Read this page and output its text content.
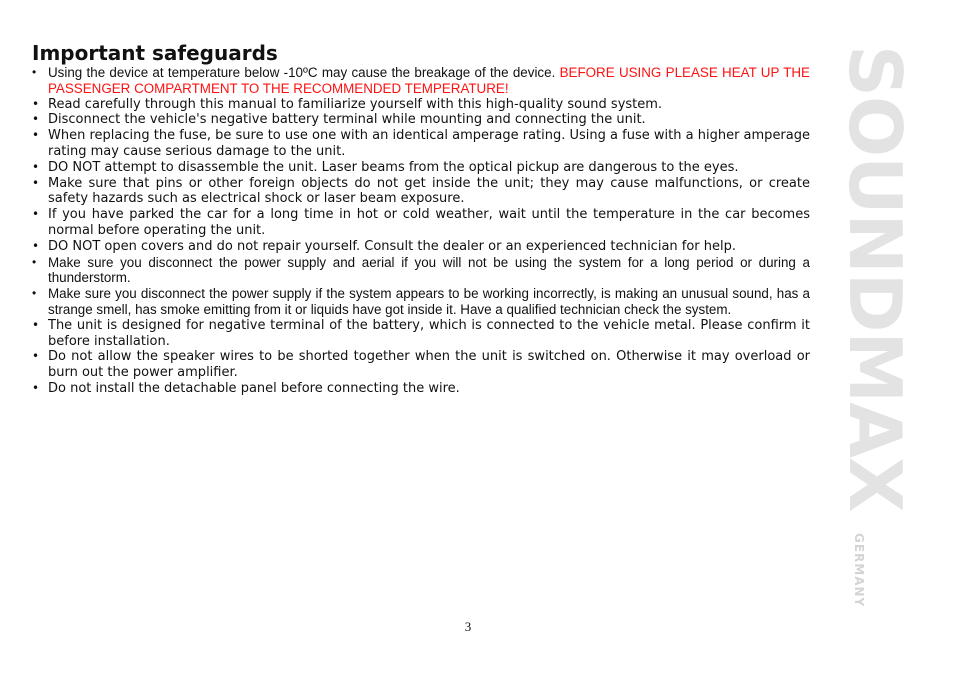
Important safeguards
• Using the device at temperature below -10ºC may cause the breakage of the device. BEFORE USING PLEASE HEAT UP THE PASSENGER COMPARTMENT TO THE RECOMMENDED TEMPERATURE!
• Read carefully through this manual to familiarize yourself with this high-quality sound system.
• Disconnect the vehicle's negative battery terminal while mounting and connecting the unit.
• When replacing the fuse, be sure to use one with an identical amperage rating. Using a fuse with a higher amperage rating may cause serious damage to the unit.
• DO NOT attempt to disassemble the unit. Laser beams from the optical pickup are dangerous to the eyes.
• Make sure that pins or other foreign objects do not get inside the unit; they may cause malfunctions, or create safety hazards such as electrical shock or laser beam exposure.
• If you have parked the car for a long time in hot or cold weather, wait until the temperature in the car becomes normal before operating the unit.
• DO NOT open covers and do not repair yourself. Consult the dealer or an experienced technician for help.
• Make sure you disconnect the power supply and aerial if you will not be using the system for a long period or during a thunderstorm.
• Make sure you disconnect the power supply if the system appears to be working incorrectly, is making an unusual sound, has a strange smell, has smoke emitting from it or liquids have got inside it. Have a qualified technician check the system.
• The unit is designed for negative terminal of the battery, which is connected to the vehicle metal. Please confirm it before installation.
• Do not allow the speaker wires to be shorted together when the unit is switched on. Otherwise it may overload or burn out the power amplifier.
• Do not install the detachable panel before connecting the wire.	SOUNDMAX
GERMANY
3
